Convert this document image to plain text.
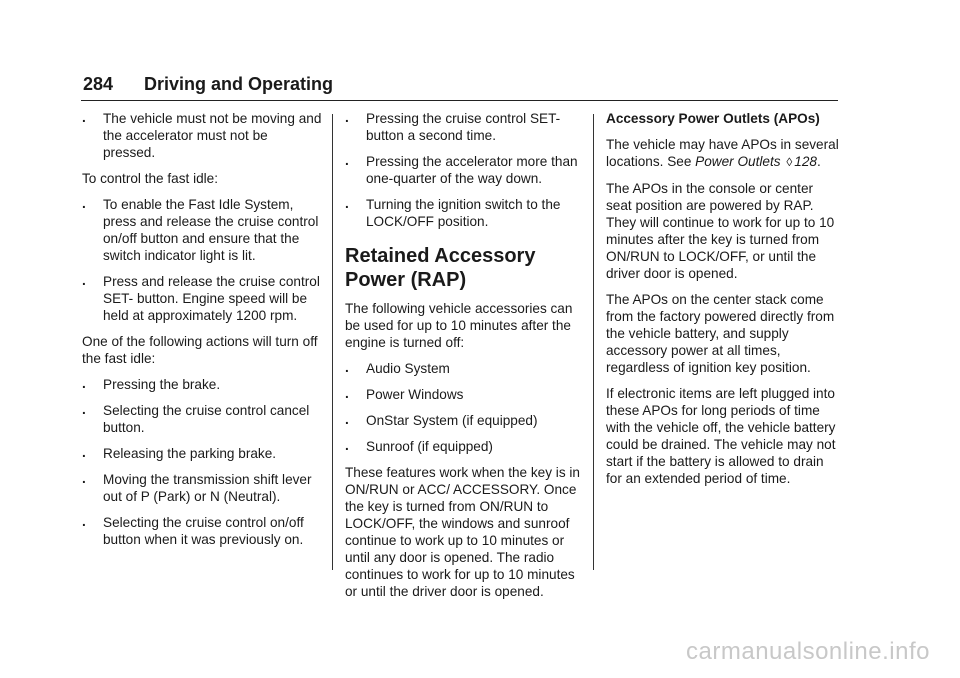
284 Driving and Operating
. The vehicle must not be moving and the accelerator must not be pressed.

To control the fast idle:

. To enable the Fast Idle System, press and release the cruise control on/off button and ensure that the switch indicator light is lit.
. Press and release the cruise control SET- button. Engine speed will be held at approximately 1200 rpm.

One of the following actions will turn off the fast idle:

. Pressing the brake.
. Selecting the cruise control cancel button.
. Releasing the parking brake.
. Moving the transmission shift lever out of P (Park) or N (Neutral).
. Selecting the cruise control on/off button when it was previously on.
. Pressing the cruise control SET- button a second time.
. Pressing the accelerator more than one-quarter of the way down.
. Turning the ignition switch to the LOCK/OFF position.
Retained Accessory Power (RAP)

The following vehicle accessories can be used for up to 10 minutes after the engine is turned off:

. Audio System
. Power Windows
. OnStar System (if equipped)
. Sunroof (if equipped)

These features work when the key is in ON/RUN or ACC/ ACCESSORY. Once the key is turned from ON/RUN to LOCK/OFF, the windows and sunroof continue to work up to 10 minutes or until any door is opened. The radio continues to work for up to 10 minutes or until the driver door is opened.

Accessory Power Outlets (APOs)

The vehicle may have APOs in several locations. See Power Outlets ◊ 128.

The APOs in the console or center seat position are powered by RAP. They will continue to work for up to 10 minutes after the key is turned from ON/RUN to LOCK/OFF, or until the driver door is opened.

The APOs on the center stack come from the factory powered directly from the vehicle battery, and supply accessory power at all times, regardless of ignition key position.

If electronic items are left plugged into these APOs for long periods of time with the vehicle off, the vehicle battery could be drained. The vehicle may not start if the battery is allowed to drain for an extended period of time.

carmanualsonline.info
